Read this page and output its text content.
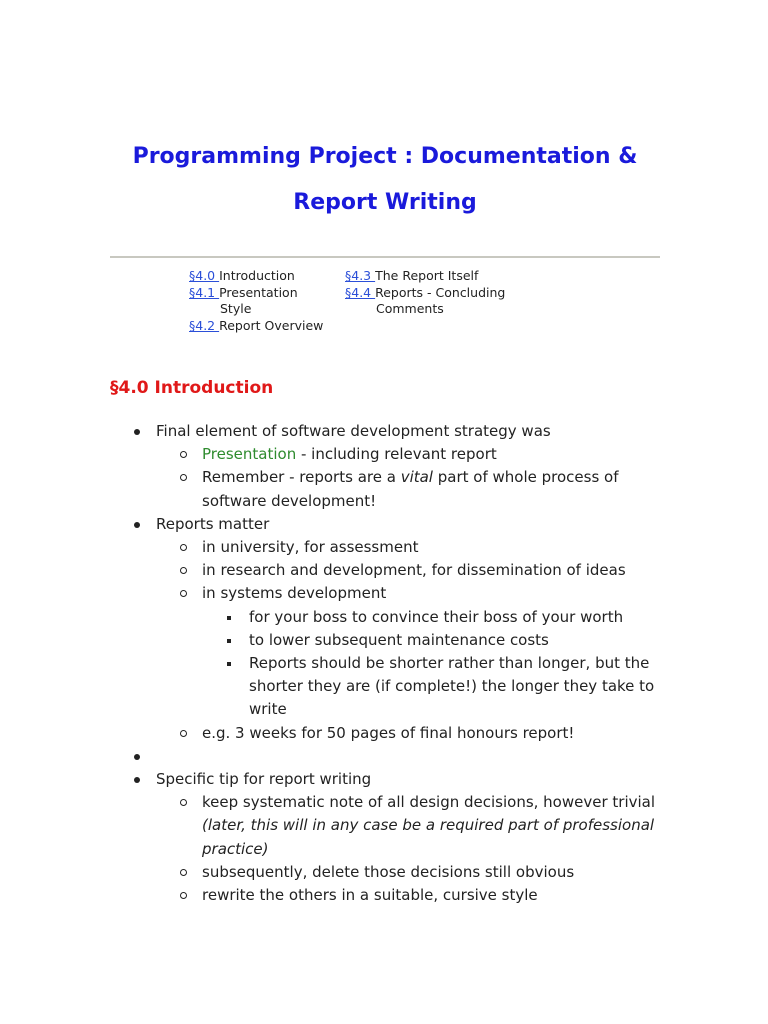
Programming Project : Documentation &
Report Writing
§4.0 Introduction
§4.1 Presentation
Style
§4.2 Report Overview
§4.3 The Report Itself
§4.4 Reports - Concluding
Comments
§4.0 Introduction
Final element of software development strategy was
Presentation - including relevant report
Remember - reports are a vital part of whole process of software development!
Reports matter
in university, for assessment
in research and development, for dissemination of ideas
in systems development
for your boss to convince their boss of your worth
to lower subsequent maintenance costs
Reports should be shorter rather than longer, but the shorter they are (if complete!) the longer they take to write
e.g. 3 weeks for 50 pages of final honours report!
Specific tip for report writing
keep systematic note of all design decisions, however trivial
(later, this will in any case be a required part of professional practice)
subsequently, delete those decisions still obvious
rewrite the others in a suitable, cursive style
